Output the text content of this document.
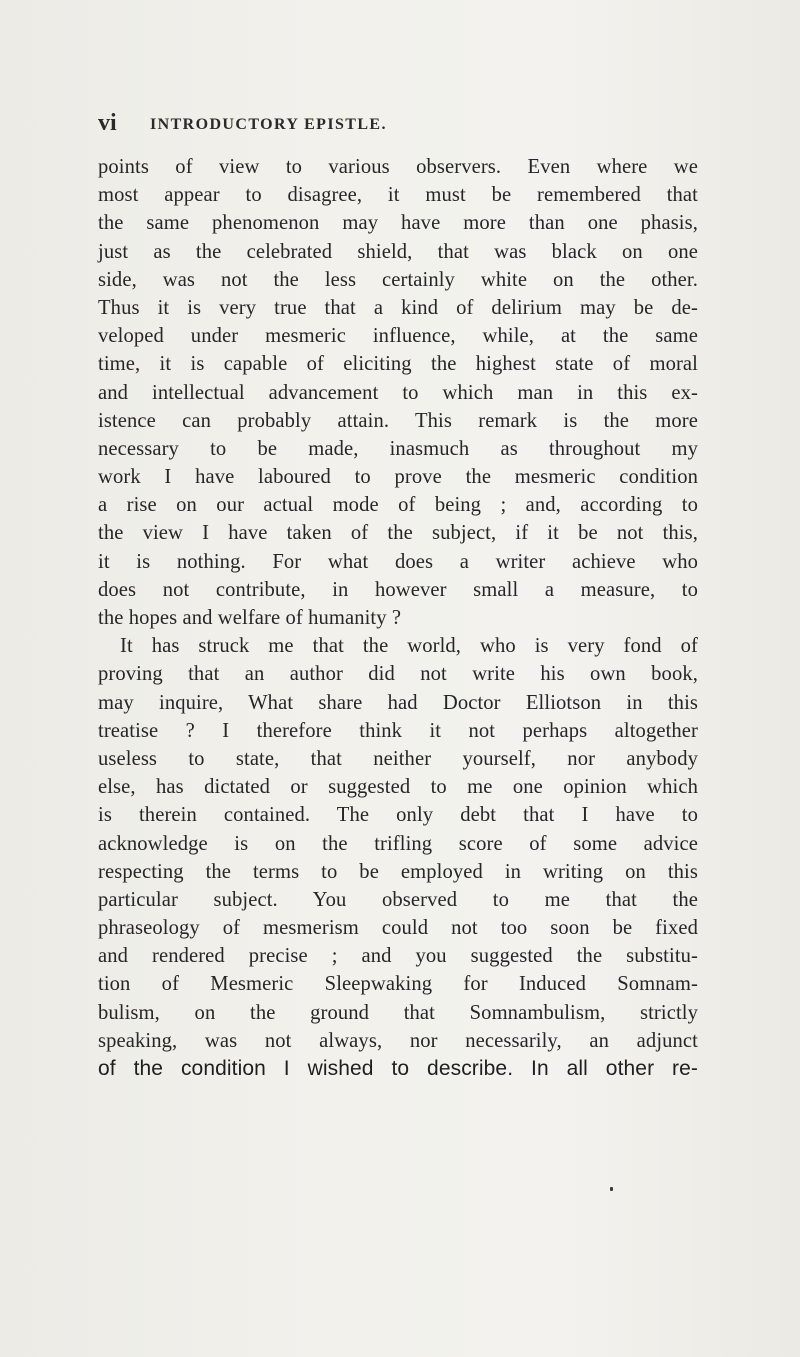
vi INTRODUCTORY EPISTLE.
points of view to various observers. Even where we
most appear to disagree, it must be remembered that
the same phenomenon may have more than one phasis,
just as the celebrated shield, that was black on one
side, was not the less certainly white on the other.
Thus it is very true that a kind of delirium may be de-
veloped under mesmeric influence, while, at the same
time, it is capable of eliciting the highest state of moral
and intellectual advancement to which man in this ex-
istence can probably attain. This remark is the more
necessary to be made, inasmuch as throughout my
work I have laboured to prove the mesmeric condition
a rise on our actual mode of being ; and, according to
the view I have taken of the subject, if it be not this,
it is nothing. For what does a writer achieve who
does not contribute, in however small a measure, to
the hopes and welfare of humanity ?
It has struck me that the world, who is very fond of
proving that an author did not write his own book,
may inquire, What share had Doctor Elliotson in this
treatise ? I therefore think it not perhaps altogether
useless to state, that neither yourself, nor anybody
else, has dictated or suggested to me one opinion which
is therein contained. The only debt that I have to
acknowledge is on the trifling score of some advice
respecting the terms to be employed in writing on this
particular subject. You observed to me that the
phraseology of mesmerism could not too soon be fixed
and rendered precise ; and you suggested the substitu-
tion of Mesmeric Sleepwaking for Induced Somnam-
bulism, on the ground that Somnambulism, strictly
speaking, was not always, nor necessarily, an adjunct
of the condition I wished to describe. In all other re-
